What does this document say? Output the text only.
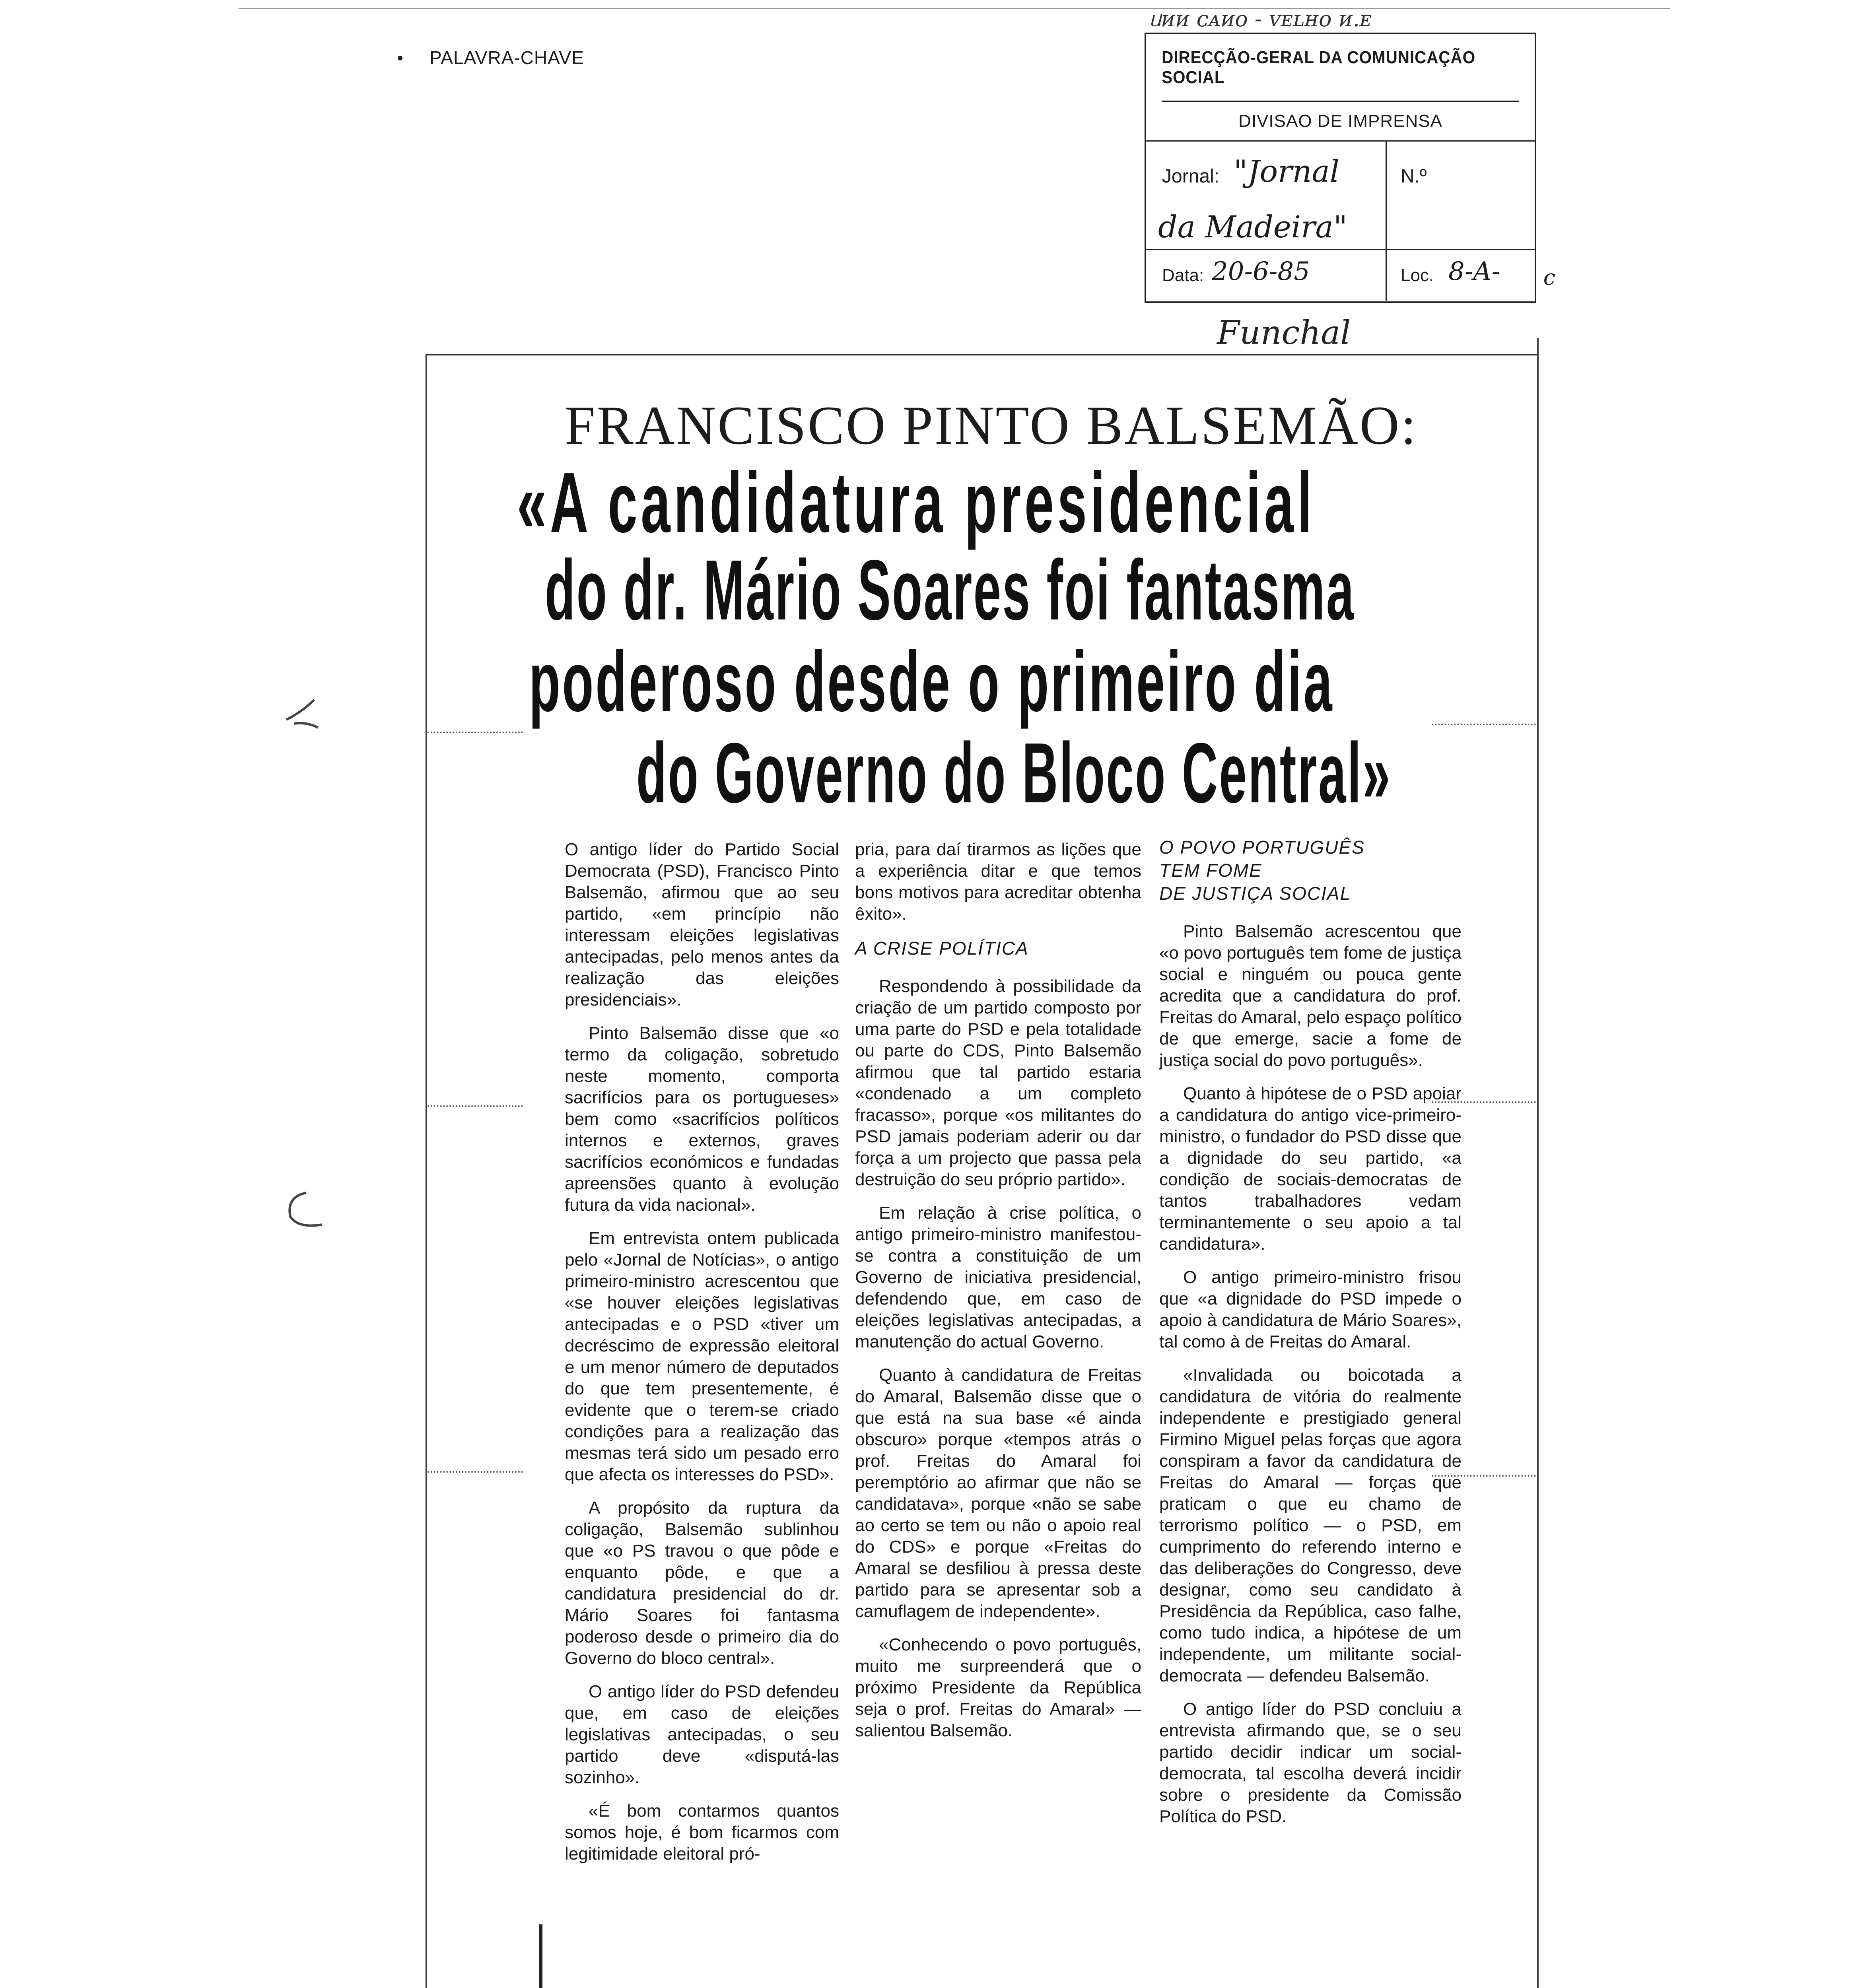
PALAVRA-CHAVE
ᥙᴎᴎ ᴄᴀᴎᴏ - ᴠᴇʟʜᴏ ᴎ.ᴇ
DIRECÇÃO-GERAL DA COMUNICAÇÃO SOCIAL
DIVISAO DE IMPRENSA
Jornal: "Jornal
da Madeira"
N.º
Data: 20-6-85	Loc. 8-A- c
Funchal
FRANCISCO PINTO BALSEMÃO:
«A candidatura presidencial
do dr. Mário Soares foi fantasma
poderoso desde o primeiro dia
do Governo do Bloco Central»

O antigo líder do Partido Social Democrata (PSD), Francisco Pinto Balsemão, afirmou que ao seu partido, «em princípio não interessam eleições legislativas antecipadas, pelo menos antes da realização das eleições presidenciais».

Pinto Balsemão disse que «o termo da coligação, sobretudo neste momento, comporta sacrifícios para os portugueses» bem como «sacrifícios políticos internos e externos, graves sacrifícios económicos e fundadas apreensões quanto à evolução futura da vida nacional».

Em entrevista ontem publicada pelo «Jornal de Notícias», o antigo primeiro-ministro acrescentou que «se houver eleições legislativas antecipadas e o PSD «tiver um decréscimo de expressão eleitoral e um menor número de deputados do que tem presentemente, é evidente que o terem-se criado condições para a realização das mesmas terá sido um pesado erro que afecta os interesses do PSD».

A propósito da ruptura da coligação, Balsemão sublinhou que «o PS travou o que pôde e enquanto pôde, e que a candidatura presidencial do dr. Mário Soares foi fantasma poderoso desde o primeiro dia do Governo do bloco central».

O antigo líder do PSD defendeu que, em caso de eleições legislativas antecipadas, o seu partido deve «disputá-las sozinho».

«É bom contarmos quantos somos hoje, é bom ficarmos com legitimidade eleitoral pró-

pria, para daí tirarmos as lições que a experiência ditar e que temos bons motivos para acreditar obtenha êxito».

A CRISE POLÍTICA

Respondendo à possibilidade da criação de um partido composto por uma parte do PSD e pela totalidade ou parte do CDS, Pinto Balsemão afirmou que tal partido estaria «condenado a um completo fracasso», porque «os militantes do PSD jamais poderiam aderir ou dar força a um projecto que passa pela destruição do seu próprio partido».

Em relação à crise política, o antigo primeiro-ministro manifestou-se contra a constituição de um Governo de iniciativa presidencial, defendendo que, em caso de eleições legislativas antecipadas, a manutenção do actual Governo.

Quanto à candidatura de Freitas do Amaral, Balsemão disse que o que está na sua base «é ainda obscuro» porque «tempos atrás o prof. Freitas do Amaral foi peremptório ao afirmar que não se candidatava», porque «não se sabe ao certo se tem ou não o apoio real do CDS» e porque «Freitas do Amaral se desfiliou à pressa deste partido para se apresentar sob a camuflagem de independente».

«Conhecendo o povo português, muito me surpreenderá que o próximo Presidente da República seja o prof. Freitas do Amaral» — salientou Balsemão.

O POVO PORTUGUÊS
TEM FOME
DE JUSTIÇA SOCIAL

Pinto Balsemão acrescentou que «o povo português tem fome de justiça social e ninguém ou pouca gente acredita que a candidatura do prof. Freitas do Amaral, pelo espaço político de que emerge, sacie a fome de justiça social do povo português».

Quanto à hipótese de o PSD apoiar a candidatura do antigo vice-primeiro-ministro, o fundador do PSD disse que a dignidade do seu partido, «a condição de sociais-democratas de tantos trabalhadores vedam terminantemente o seu apoio a tal candidatura».

O antigo primeiro-ministro frisou que «a dignidade do PSD impede o apoio à candidatura de Mário Soares», tal como à de Freitas do Amaral.

«Invalidada ou boicotada a candidatura de vitória do realmente independente e prestigiado general Firmino Miguel pelas forças que agora conspiram a favor da candidatura de Freitas do Amaral — forças que praticam o que eu chamo de terrorismo político — o PSD, em cumprimento do referendo interno e das deliberações do Congresso, deve designar, como seu candidato à Presidência da República, caso falhe, como tudo indica, a hipótese de um independente, um militante social-democrata — defendeu Balsemão.

O antigo líder do PSD concluiu a entrevista afirmando que, se o seu partido decidir indicar um social-democrata, tal escolha deverá incidir sobre o presidente da Comissão Política do PSD.
